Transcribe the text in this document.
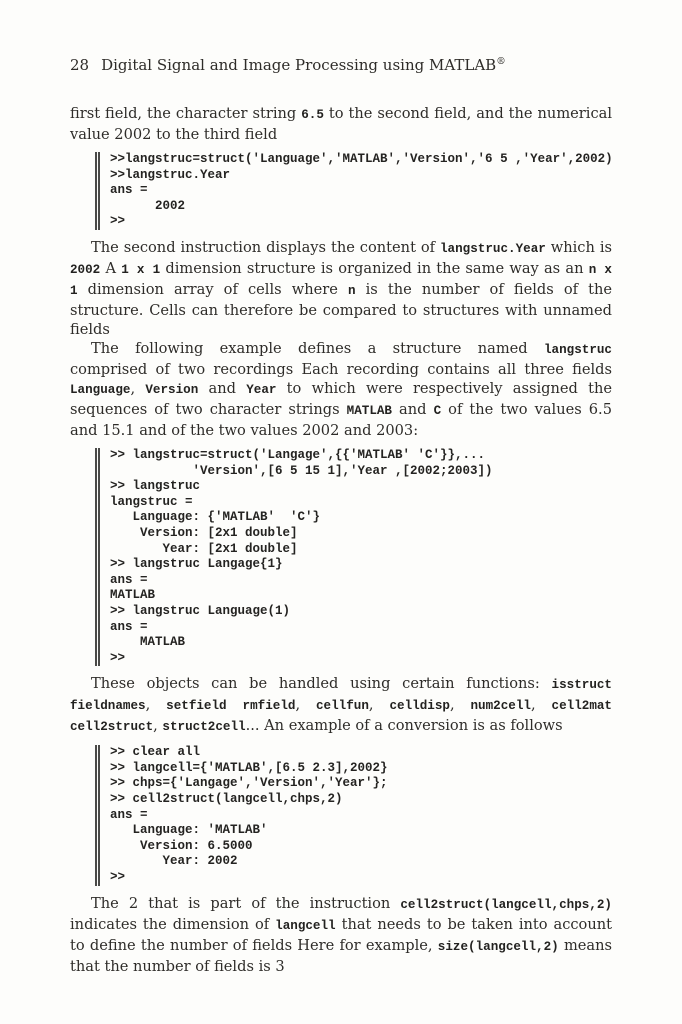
28 Digital Signal and Image Processing using MATLAB®

first field, the character string 6.5 to the second field, and the numerical value 2002 to the third field

>>langstruc=struct('Language','MATLAB','Version','6 5 ,'Year',2002)
>>langstruc.Year
ans =
2002
>>

The second instruction displays the content of langstruc.Year which is 2002 A 1 x 1 dimension structure is organized in the same way as an n x 1 dimension array of cells where n is the number of fields of the structure. Cells can therefore be compared to structures with unnamed fields

The following example defines a structure named langstruc comprised of two recordings Each recording contains all three fields Language, Version and Year to which were respectively assigned the sequences of two character strings MATLAB and C of the two values 6.5 and 15.1 and of the two values 2002 and 2003:

>> langstruc=struct('Langage',{{'MATLAB' 'C'}},...
'Version',[6 5 15 1],'Year ,[2002;2003])
>> langstruc
langstruc =
Language: {'MATLAB'  'C'}
Version: [2x1 double]
Year: [2x1 double]
>> langstruc Langage{1}
ans =
MATLAB
>> langstruc Language(1)
ans =
MATLAB
>>

These objects can be handled using certain functions: isstruct fieldnames, setfield rmfield, cellfun, celldisp, num2cell, cell2mat cell2struct, struct2cell... An example of a conversion is as follows

>> clear all
>> langcell={'MATLAB',[6.5 2.3],2002}
>> chps={'Langage','Version','Year'};
>> cell2struct(langcell,chps,2)
ans =
Language: 'MATLAB'
Version: 6.5000
Year: 2002
>>

The 2 that is part of the instruction cell2struct(langcell,chps,2) indicates the dimension of langcell that needs to be taken into account to define the number of fields Here for example, size(langcell,2) means that the number of fields is 3
